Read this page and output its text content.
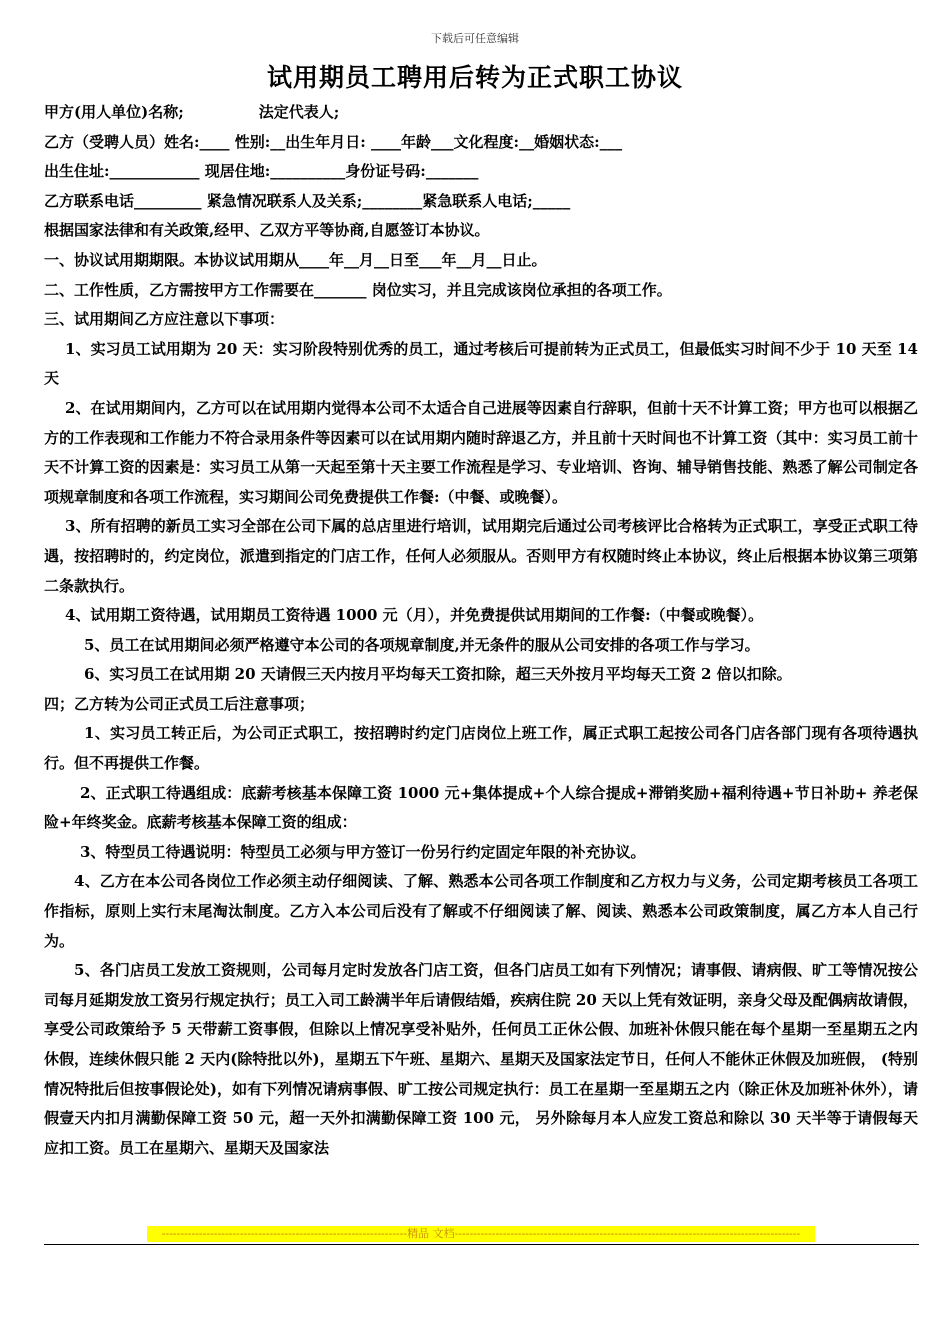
下载后可任意编辑
试用期员工聘用后转为正式职工协议

甲方(用人单位)名称;　　　　　法定代表人;

乙方（受聘人员）姓名:____ 性别:__出生年月日: ____年龄___文化程度:__婚姻状态:___

出生住址:____________ 现居住地:__________身份证号码:_______

乙方联系电话_________ 紧急情况联系人及关系;________紧急联系人电话;_____

根据国家法律和有关政策,经甲、乙双方平等协商,自愿签订本协议。

一、协议试用期期限。本协议试用期从____年__月__日至___年__月__日止。

二、工作性质，乙方需按甲方工作需要在_______ 岗位实习，并且完成该岗位承担的各项工作。

三、试用期间乙方应注意以下事项：

1、实习员工试用期为 20 天：实习阶段特别优秀的员工，通过考核后可提前转为正式员工，但最低实习时间不少于 10 天至 14 天

2、在试用期间内，乙方可以在试用期内觉得本公司不太适合自己进展等因素自行辞职，但前十天不计算工资；甲方也可以根据乙方的工作表现和工作能力不符合录用条件等因素可以在试用期内随时辞退乙方，并且前十天时间也不计算工资（其中：实习员工前十天不计算工资的因素是：实习员工从第一天起至第十天主要工作流程是学习、专业培训、咨询、辅导销售技能、熟悉了解公司制定各项规章制度和各项工作流程，实习期间公司免费提供工作餐:（中餐、或晚餐）。

3、所有招聘的新员工实习全部在公司下属的总店里进行培训，试用期完后通过公司考核评比合格转为正式职工，享受正式职工待遇，按招聘时的，约定岗位，派遣到指定的门店工作，任何人必须服从。否则甲方有权随时终止本协议，终止后根据本协议第三项第二条款执行。

4、试用期工资待遇，试用期员工资待遇 1000 元（月），并免费提供试用期间的工作餐:（中餐或晚餐）。

5、员工在试用期间必须严格遵守本公司的各项规章制度,并无条件的服从公司安排的各项工作与学习。

6、实习员工在试用期 20 天请假三天内按月平均每天工资扣除，超三天外按月平均每天工资 2 倍以扣除。

四；乙方转为公司正式员工后注意事项；

1、实习员工转正后，为公司正式职工，按招聘时约定门店岗位上班工作，属正式职工起按公司各门店各部门现有各项待遇执行。但不再提供工作餐。

2、正式职工待遇组成：底薪考核基本保障工资 1000 元+集体提成+个人综合提成+滞销奖励+福利待遇+节日补助+ 养老保险+年终奖金。底薪考核基本保障工资的组成：

3、特型员工待遇说明：特型员工必须与甲方签订一份另行约定固定年限的补充协议。

4、乙方在本公司各岗位工作必须主动仔细阅读、了解、熟悉本公司各项工作制度和乙方权力与义务，公司定期考核员工各项工作指标，原则上实行末尾淘汰制度。乙方入本公司后没有了解或不仔细阅读了解、阅读、熟悉本公司政策制度，属乙方本人自己行为。

5、各门店员工发放工资规则，公司每月定时发放各门店工资，但各门店员工如有下列情况；请事假、请病假、旷工等情况按公司每月延期发放工资另行规定执行；员工入司工龄满半年后请假结婚，疾病住院 20 天以上凭有效证明，亲身父母及配偶病故请假，享受公司政策给予 5 天带薪工资事假，但除以上情况享受补贴外，任何员工正休公假、加班补休假只能在每个星期一至星期五之内休假，连续休假只能 2 天内(除特批以外)，星期五下午班、星期六、星期天及国家法定节日，任何人不能休正休假及加班假， (特别情况特批后但按事假论处)，如有下列情况请病事假、旷工按公司规定执行：员工在星期一至星期五之内（除正休及加班补休外），请假壹天内扣月满勤保障工资 50 元，超一天外扣满勤保障工资 100 元， 另外除每月本人应发工资总和除以 30 天半等于请假每天应扣工资。员工在星期六、星期天及国家法

------------------------------------------------------------------精品 文档---------------------------------------------------------------------------------------------
